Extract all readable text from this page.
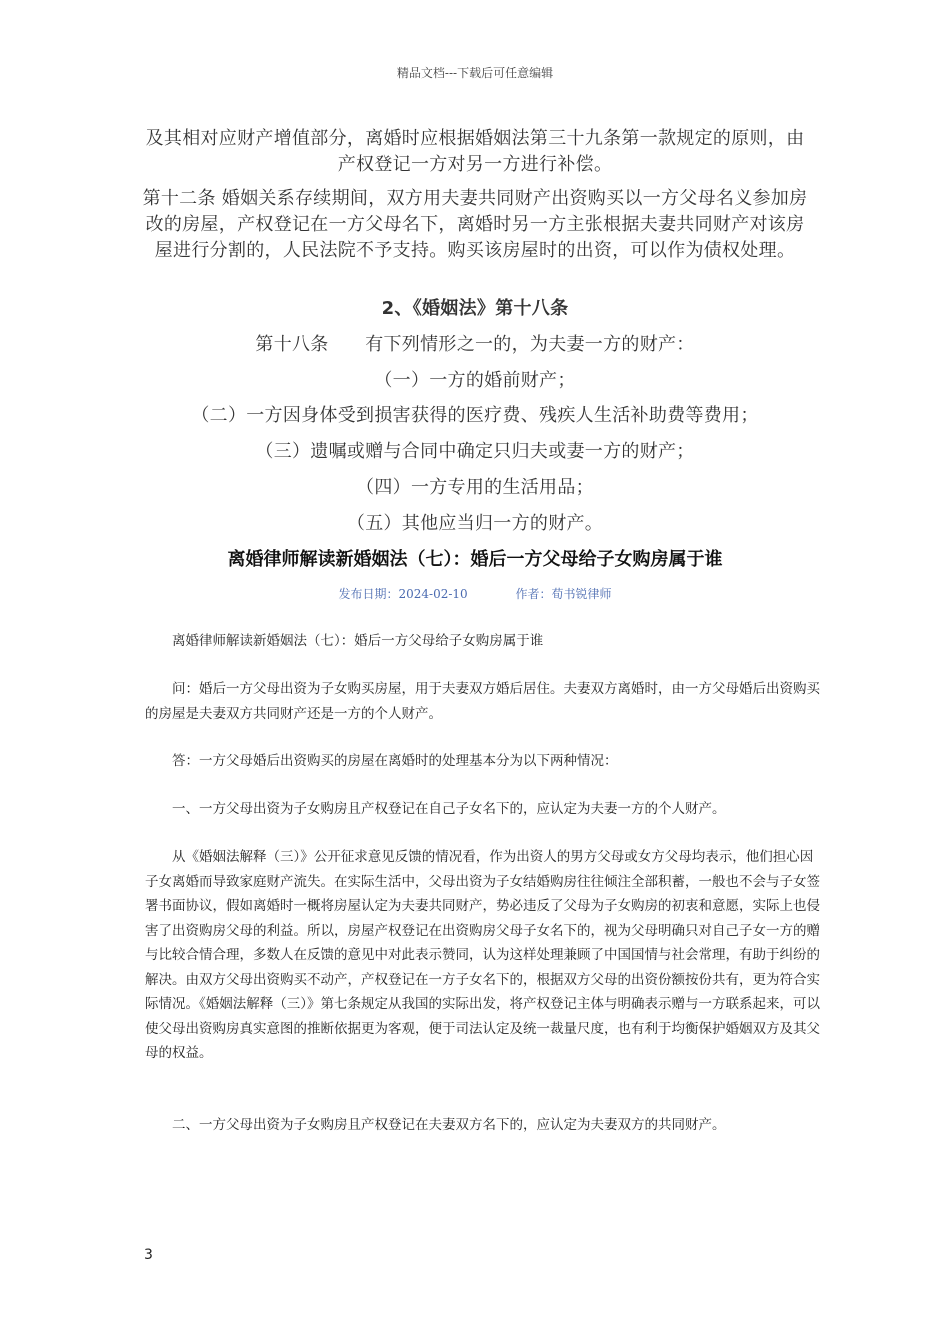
精品文档---下载后可任意编辑
及其相对应财产增值部分，离婚时应根据婚姻法第三十九条第一款规定的原则，由产权登记一方对另一方进行补偿。
第十二条 婚姻关系存续期间，双方用夫妻共同财产出资购买以一方父母名义参加房改的房屋，产权登记在一方父母名下，离婚时另一方主张根据夫妻共同财产对该房屋进行分割的，人民法院不予支持。购买该房屋时的出资，可以作为债权处理。
2、《婚姻法》第十八条
第十八条　　有下列情形之一的，为夫妻一方的财产：
（一）一方的婚前财产；
（二）一方因身体受到损害获得的医疗费、残疾人生活补助费等费用；
（三）遗嘱或赠与合同中确定只归夫或妻一方的财产；
（四）一方专用的生活用品；
（五）其他应当归一方的财产。
离婚律师解读新婚姻法（七）：婚后一方父母给子女购房属于谁
发布日期：2024-02-10	作者：荀书锐律师
离婚律师解读新婚姻法（七）：婚后一方父母给子女购房属于谁
问：婚后一方父母出资为子女购买房屋，用于夫妻双方婚后居住。夫妻双方离婚时，由一方父母婚后出资购买的房屋是夫妻双方共同财产还是一方的个人财产。
答：一方父母婚后出资购买的房屋在离婚时的处理基本分为以下两种情况：
一、一方父母出资为子女购房且产权登记在自己子女名下的，应认定为夫妻一方的个人财产。
从《婚姻法解释（三）》公开征求意见反馈的情况看，作为出资人的男方父母或女方父母均表示，他们担心因子女离婚而导致家庭财产流失。在实际生活中，父母出资为子女结婚购房往往倾注全部积蓄，一般也不会与子女签署书面协议，假如离婚时一概将房屋认定为夫妻共同财产，势必违反了父母为子女购房的初衷和意愿，实际上也侵害了出资购房父母的利益。所以，房屋产权登记在出资购房父母子女名下的，视为父母明确只对自己子女一方的赠与比较合情合理，多数人在反馈的意见中对此表示赞同，认为这样处理兼顾了中国国情与社会常理，有助于纠纷的解决。由双方父母出资购买不动产，产权登记在一方子女名下的，根据双方父母的出资份额按份共有，更为符合实际情况。《婚姻法解释（三）》第七条规定从我国的实际出发，将产权登记主体与明确表示赠与一方联系起来，可以使父母出资购房真实意图的推断依据更为客观，便于司法认定及统一裁量尺度，也有利于均衡保护婚姻双方及其父母的权益。
二、一方父母出资为子女购房且产权登记在夫妻双方名下的，应认定为夫妻双方的共同财产。
3
